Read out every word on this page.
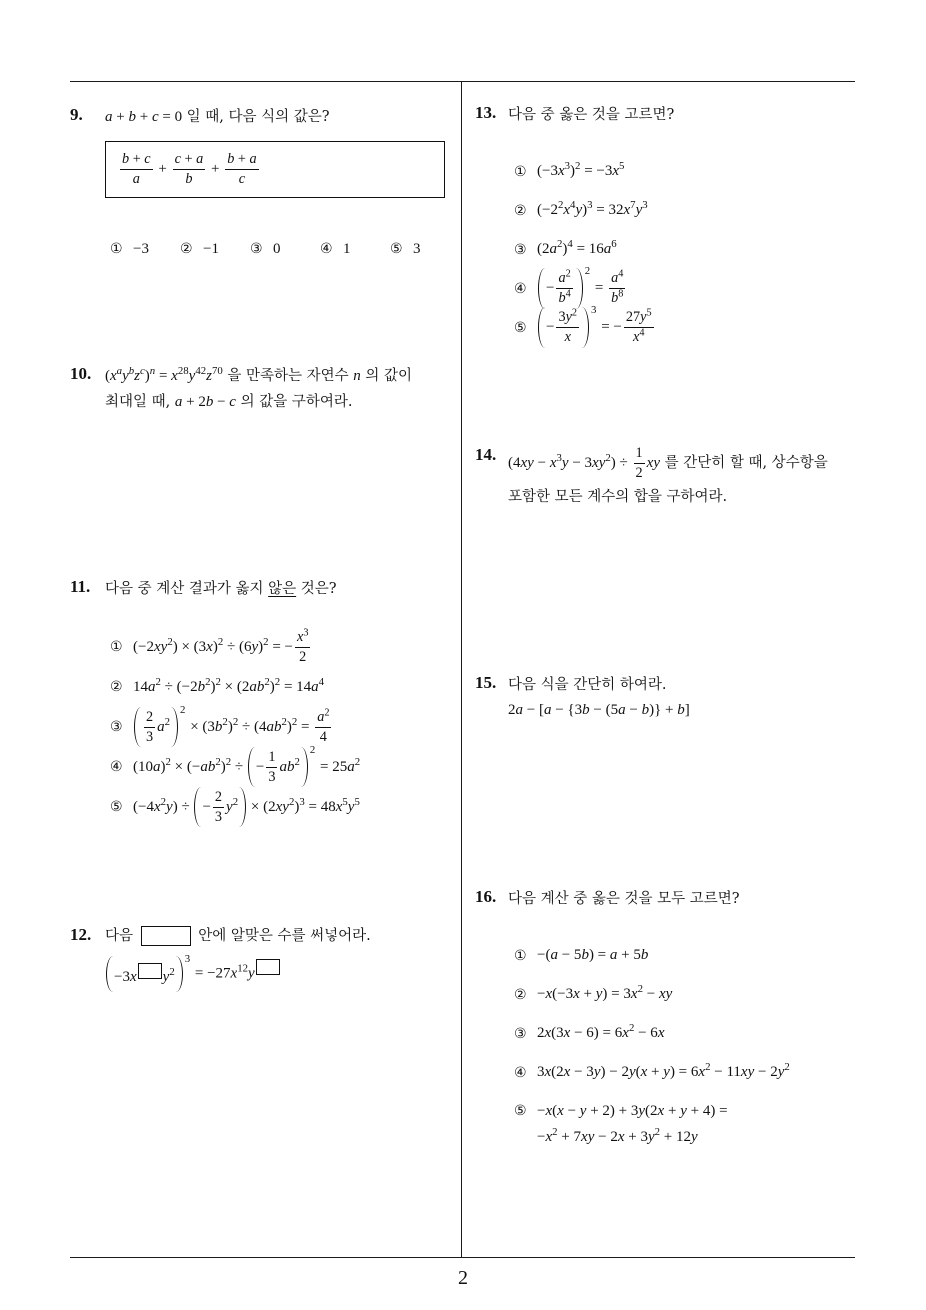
9. a + b + c = 0 일 때, 다음 식의 값은?
$\frac{b + c}{a} + \frac{c + a}{b} + \frac{b + a}{c}$
① −3 ② −1 ③ 0	④ 1	⑤ 3
10. $(x^ay^bz^c)^n = x^{28}y^{42}z^{70}$ 을 만족하는 자연수 n 의 값이
최대일 때, a + 2b − c 의 값을 구하여라.
11. 다음 중 계산 결과가 옳지 않은 것은?
① $(-2xy^2) \times (3x)^2 \div (6y)^2$ = − $\frac{x^3}{2}$
② $14a^2 \div (-2b^2)^2 \times (2ab^2)^2 = 14a^4$
③	$\frac{2}{3} a^2$
2
× $(3b^2)^2 \div (4ab^2)^2 = \frac{a^2}{4}$
④ $(10a)^2 \times (-ab^2)^2$ ÷ − $\frac{1}{3} ab^2$
2
= $25a^2$
⑤ $(-4x^2y)$ ÷ − $\frac{2}{3} y^2 \times (2xy^2)^3 = 48x^5y^5$
12. 다음	안에 알맞은 수를 써넣어라.
−3x $y^2$
3
= $-27x^{12}y$
13. 다음 중 옳은 것을 고르면?
① $(-3x^3)^2 = -3x^5$
② $(-2^2x^4y)^3 = 32x^7y^3$
③ $(2a^2)^4 = 16a^6$
④	− $\frac{a^2}{b^4} 2$
= $\frac{a^4}{b^8}$
⑤	− $\frac{3y^2}{x} 3$
= − $\frac{27y^5}{x^4}$
14. $(4xy - x^3y - 3xy^2) \div \frac{1}{2}$ xy 를 간단히 할 때, 상수항을
포함한 모든 계수의 합을 구하여라.
15. 다음 식을 간단히 하여라.
2a − [a − {3b − (5a − b)} + b]
16. 다음 계산 중 옳은 것을 모두 고르면?
① −(a − 5b) = a + 5b
② $-x(-3x + y) = 3x^2$ − xy
③ $2x(3x - 6) = 6x^2 - 6x$
④ $3x(2x - 3y) - 2y(x + y) = 6x^2 - 11xy - 2y^2$
⑤ −x(x − y + 2) + 3y(2x + y + 4) =
$-x^2 + 7xy - 2x + 3y^2 + 12y$
2
